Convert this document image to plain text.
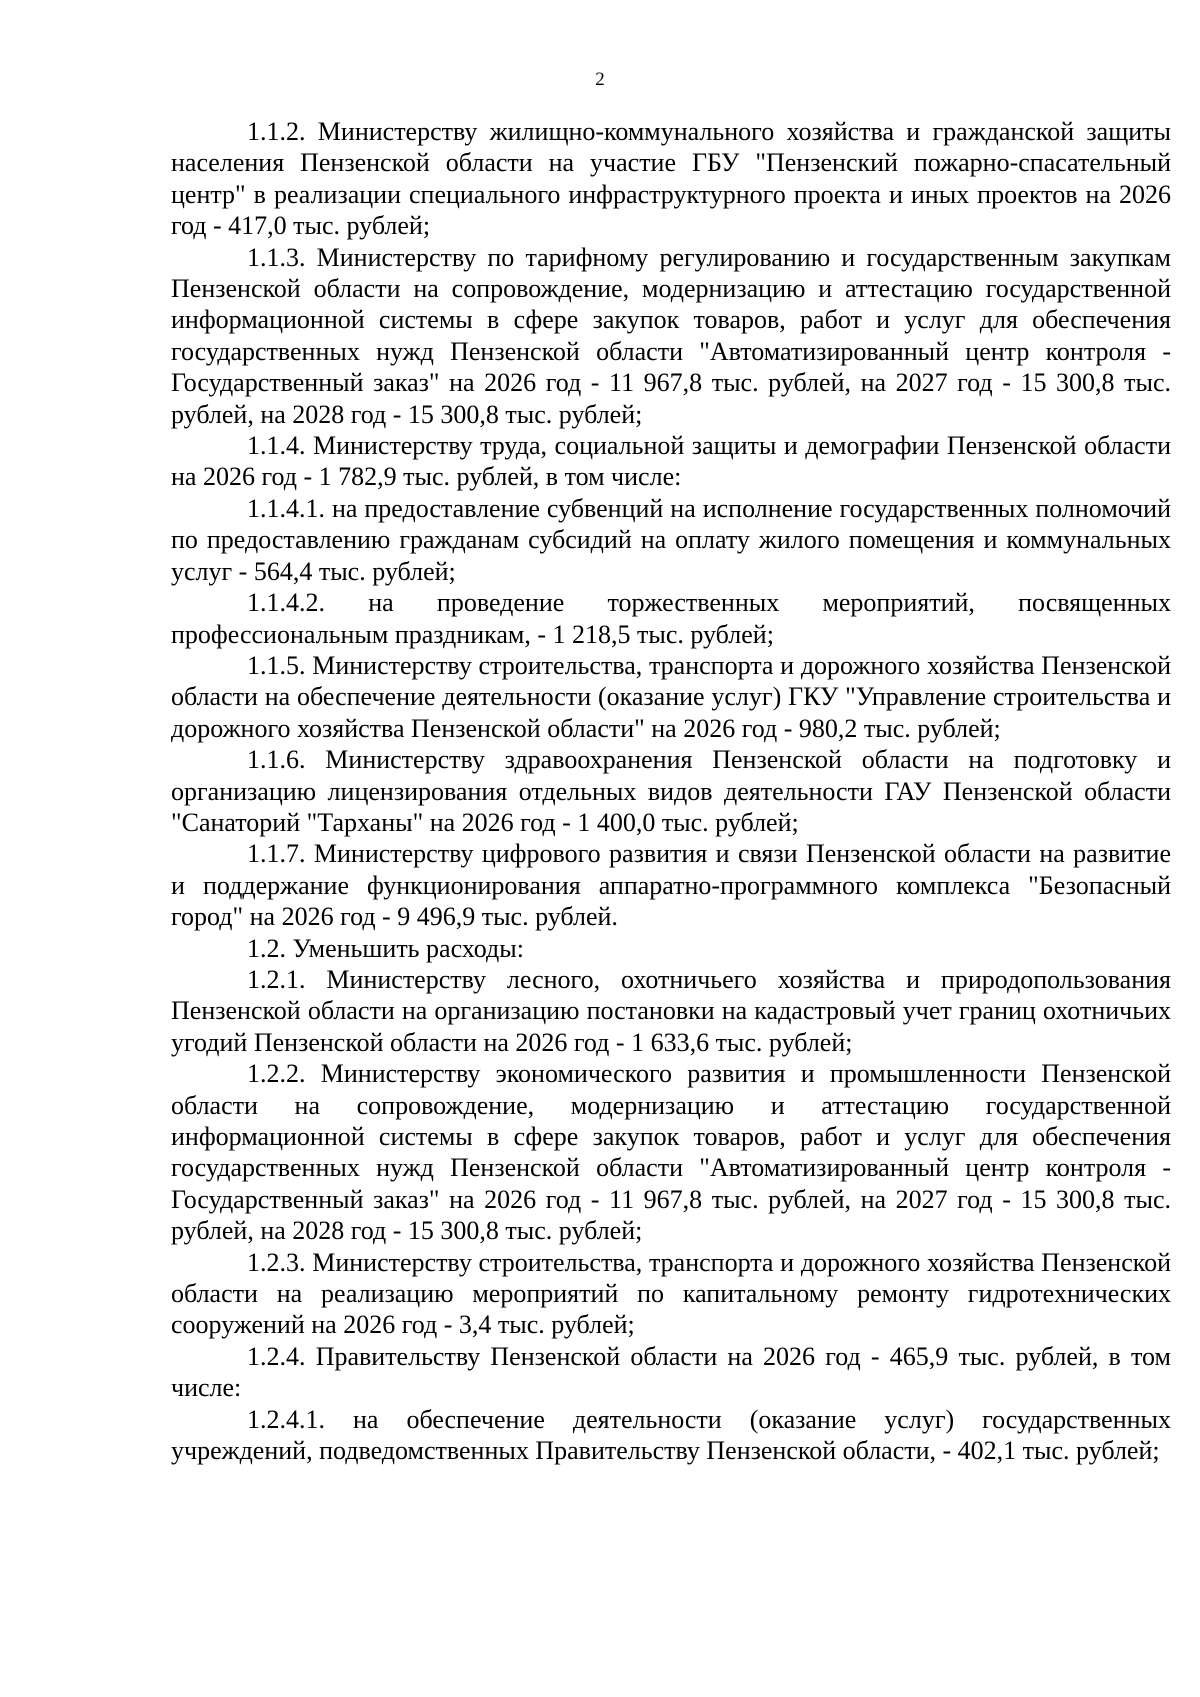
2

1.1.2. Министерству жилищно-коммунального хозяйства и гражданской защиты населения Пензенской области на участие ГБУ "Пензенский пожарно-спасательный центр" в реализации специального инфраструктурного проекта и иных проектов на 2026 год - 417,0 тыс. рублей;

1.1.3. Министерству по тарифному регулированию и государственным закупкам Пензенской области на сопровождение, модернизацию и аттестацию государственной информационной системы в сфере закупок товаров, работ и услуг для обеспечения государственных нужд Пензенской области "Автоматизированный центр контроля - Государственный заказ" на 2026 год - 11 967,8 тыс. рублей, на 2027 год - 15 300,8 тыс. рублей, на 2028 год - 15 300,8 тыс. рублей;

1.1.4. Министерству труда, социальной защиты и демографии Пензенской области на 2026 год - 1 782,9 тыс. рублей, в том числе:

1.1.4.1. на предоставление субвенций на исполнение государственных полномочий по предоставлению гражданам субсидий на оплату жилого помещения и коммунальных услуг - 564,4 тыс. рублей;

1.1.4.2. на проведение торжественных мероприятий, посвященных профессиональным праздникам, - 1 218,5 тыс. рублей;

1.1.5. Министерству строительства, транспорта и дорожного хозяйства Пензенской области на обеспечение деятельности (оказание услуг) ГКУ "Управление строительства и дорожного хозяйства Пензенской области" на 2026 год - 980,2 тыс. рублей;

1.1.6. Министерству здравоохранения Пензенской области на подготовку и организацию лицензирования отдельных видов деятельности ГАУ Пензенской области "Санаторий "Тарханы" на 2026 год - 1 400,0 тыс. рублей;

1.1.7. Министерству цифрового развития и связи Пензенской области на развитие и поддержание функционирования аппаратно-программного комплекса "Безопасный город" на 2026 год - 9 496,9 тыс. рублей.

1.2. Уменьшить расходы:

1.2.1. Министерству лесного, охотничьего хозяйства и природопользования Пензенской области на организацию постановки на кадастровый учет границ охотничьих угодий Пензенской области на 2026 год - 1 633,6 тыс. рублей;

1.2.2. Министерству экономического развития и промышленности Пензенской области на сопровождение, модернизацию и аттестацию государственной информационной системы в сфере закупок товаров, работ и услуг для обеспечения государственных нужд Пензенской области "Автоматизированный центр контроля - Государственный заказ" на 2026 год - 11 967,8 тыс. рублей, на 2027 год - 15 300,8 тыс. рублей, на 2028 год - 15 300,8 тыс. рублей;

1.2.3. Министерству строительства, транспорта и дорожного хозяйства Пензенской области на реализацию мероприятий по капитальному ремонту гидротехнических сооружений на 2026 год - 3,4 тыс. рублей;

1.2.4. Правительству Пензенской области на 2026 год - 465,9 тыс. рублей, в том числе:

1.2.4.1. на обеспечение деятельности (оказание услуг) государственных учреждений, подведомственных Правительству Пензенской области, - 402,1 тыс. рублей;
